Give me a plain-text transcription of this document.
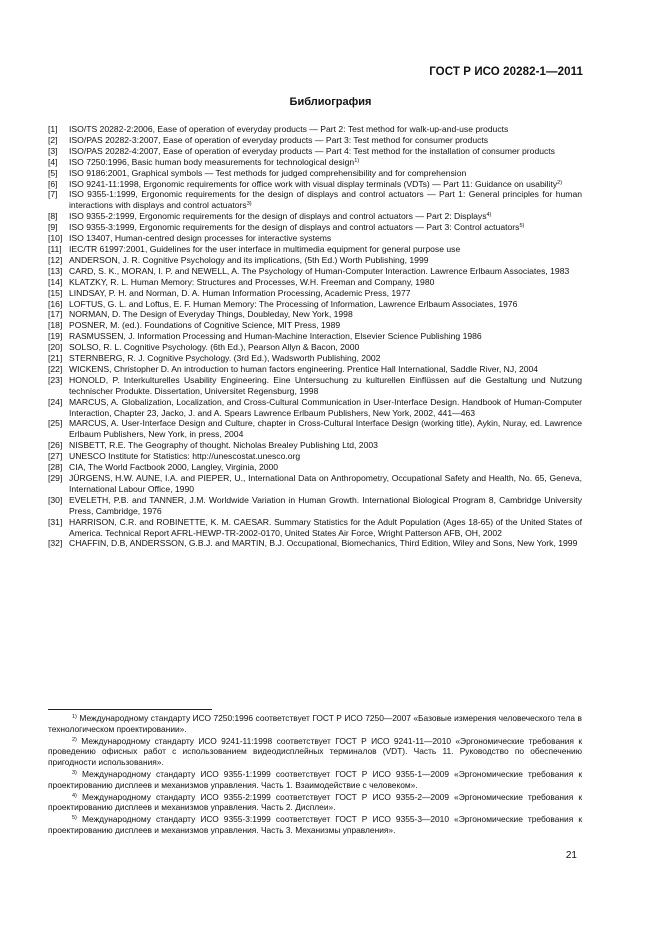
ГОСТ Р ИСО 20282-1—2011
Библиография
[1]	ISO/TS 20282-2:2006, Ease of operation of everyday products — Part 2: Test method for walk-up-and-use products
[2]	ISO/PAS 20282-3:2007, Ease of operation of everyday products — Part 3: Test method for consumer products
[3]	ISO/PAS 20282-4:2007, Ease of operation of everyday products — Part 4: Test method for the installation of consumer products
[4]	ISO 7250:1996, Basic human body measurements for technological design$^{1)}$
[5]	ISO 9186:2001, Graphical symbols — Test methods for judged comprehensibility and for comprehension
[6]	ISO 9241-11:1998, Ergonomic requirements for office work with visual display terminals (VDTs) — Part 11: Guidance on usability$^{2)}$
[7]	ISO 9355-1:1999, Ergonomic requirements for the design of displays and control actuators — Part 1: General principles for human interactions with displays and control actuators$^{3)}$
[8]	ISO 9355-2:1999, Ergonomic requirements for the design of displays and control actuators — Part 2: Displays$^{4)}$
[9]	ISO 9355-3:1999, Ergonomic requirements for the design of displays and control actuators — Part 3: Control actuators$^{5)}$
[10] ISO 13407, Human-centred design processes for interactive systems
[11] IEC/TR 61997:2001, Guidelines for the user interface in multimedia equipment for general purpose use
[12] ANDERSON, J. R. Cognitive Psychology and its implications, (5th Ed.) Worth Publishing, 1999
[13] CARD, S. K., MORAN, I. P. and NEWELL, A. The Psychology of Human-Computer Interaction. Lawrence Erlbaum Associates, 1983
[14] KLATZKY, R. L. Human Memory: Structures and Processes, W.H. Freeman and Company, 1980
[15] LINDSAY, P. H. and Norman, D. A. Human Information Processing, Academic Press, 1977
[16] LOFTUS, G. L. and Loftus, E. F. Human Memory: The Processing of Information, Lawrence Erlbaum Associates, 1976
[17] NORMAN, D. The Design of Everyday Things, Doubleday, New York, 1998
[18] POSNER, M. (ed.). Foundations of Cognitive Science, MIT Press, 1989
[19] RASMUSSEN, J. Information Processing and Human-Machine Interaction, Elsevier Science Publishing 1986
[20] SOLSO, R. L. Cognitive Psychology. (6th Ed.), Pearson Allyn & Bacon, 2000
[21] STERNBERG, R. J. Cognitive Psychology. (3rd Ed.), Wadsworth Publishing, 2002
[22] WICKENS, Christopher D. An introduction to human factors engineering. Prentice Hall International, Saddle River, NJ, 2004
[23] HONOLD, P. Interkulturelles Usability Engineering. Eine Untersuchung zu kulturellen Einflüssen auf die Gestaltung und Nutzung technischer Produkte. Dissertation, Universitet Regensburg, 1998
[24] MARCUS, A. Globalization, Localization, and Cross-Cultural Communication in User-Interface Design. Handbook of Human-Computer Interaction, Chapter 23, Jacko, J. and A. Spears Lawrence Erlbaum Publishers, New York, 2002, 441—463
[25] MARCUS, A. User-Interface Design and Culture, chapter in Cross-Cultural Interface Design (working title), Aykin, Nuray, ed. Lawrence Erlbaum Publishers, New York, in press, 2004
[26] NISBETT, R.E. The Geography of thought. Nicholas Brealey Publishing Ltd, 2003
[27] UNESCO Institute for Statistics: http://unescostat.unesco.org
[28] CIA, The World Factbook 2000, Langley, Virginia, 2000
[29] JÜRGENS, H.W. AUNE, I.A. and PIEPER, U., International Data on Anthropometry, Occupational Safety and Health, No. 65, Geneva, International Labour Office, 1990
[30] EVELETH, P.B. and TANNER, J.M. Worldwide Variation in Human Growth. International Biological Program 8, Cambridge University Press, Cambridge, 1976
[31] HARRISON, C.R. and ROBINETTE, K. M. CAESAR. Summary Statistics for the Adult Population (Ages 18-65) of the United States of America. Technical Report AFRL-HEWP-TR-2002-0170, United States Air Force, Wright Patterson AFB, OH, 2002
[32] CHAFFIN, D.B, ANDERSSON, G.B.J. and MARTIN, B.J. Occupational, Biomechanics, Third Edition, Wiley and Sons, New York, 1999
$^{1)}$ Международному стандарту ИСО 7250:1996 соответствует ГОСТ Р ИСО 7250—2007 «Базовые измерения человеческого тела в технологическом проектировании».
$^{2)}$ Международному стандарту ИСО 9241-11:1998 соответствует ГОСТ Р ИСО 9241-11—2010 «Эргономические требования к проведению офисных работ с использованием видеодисплейных терминалов (VDT). Часть 11. Руководство по обеспечению пригодности использования».
$^{3)}$ Международному стандарту ИСО 9355-1:1999 соответствует ГОСТ Р ИСО 9355-1—2009 «Эргономические требования к проектированию дисплеев и механизмов управления. Часть 1. Взаимодействие с человеком».
$^{4)}$ Международному стандарту ИСО 9355-2:1999 соответствует ГОСТ Р ИСО 9355-2—2009 «Эргономические требования к проектированию дисплеев и механизмов управления. Часть 2. Дисплеи».
$^{5)}$ Международному стандарту ИСО 9355-3:1999 соответствует ГОСТ Р ИСО 9355-3—2010 «Эргономические требования к проектированию дисплеев и механизмов управления. Часть 3. Механизмы управления».
21
